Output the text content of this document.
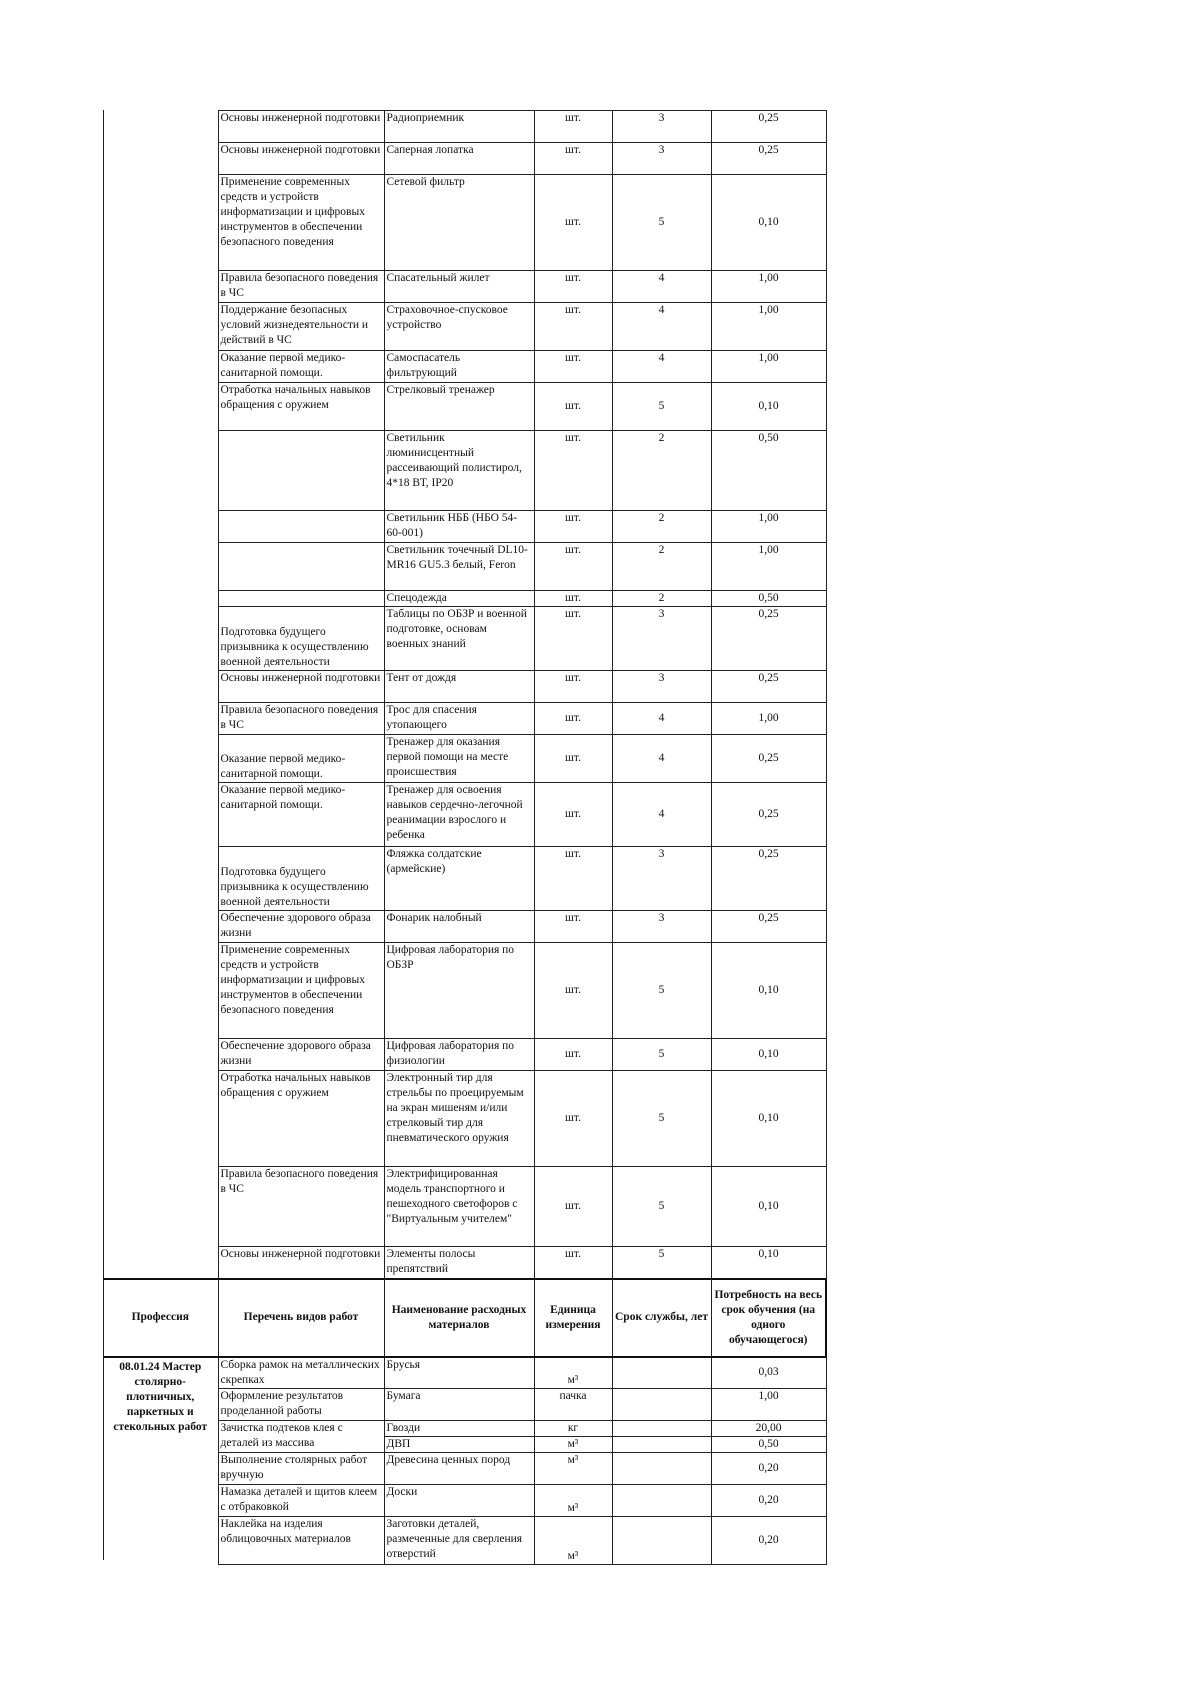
	Основы инженерной подготовки	Радиоприемник	шт.	3	0,25
	Основы инженерной подготовки	Саперная лопатка	шт.	3	0,25
	Применение современных средств и устройств информатизации и цифровых инструментов в обеспечении безопасного поведения	Сетевой фильтр	шт.	5	0,10
	Правила безопасного поведения в ЧС	Спасательный жилет	шт.	4	1,00
	Поддержание безопасных условий жизнедеятельности и действий в ЧС	Страховочное-спусковое устройство	шт.	4	1,00
	Оказание первой медико-санитарной помощи.	Самоспасатель фильтрующий	шт.	4	1,00
	Отработка начальных навыков обращения с оружием	Стрелковый тренажер	шт.	5	0,10
		Светильник люминисцентный рассеивающий полистирол, 4*18 ВТ, IP20	шт.	2	0,50
		Светильник НББ (НБО 54-60-001)	шт.	2	1,00
		Светильник точечный DL10-MR16 GU5.3 белый, Feron	шт.	2	1,00
		Спецодежда	шт.	2	0,50
	Подготовка будущего призывника к осуществлению военной деятельности	Таблицы по ОБЗР и военной подготовке, основам военных знаний	шт.	3	0,25
	Основы инженерной подготовки	Тент от дождя	шт.	3	0,25
	Правила безопасного поведения в ЧС	Трос для спасения утопающего	шт.	4	1,00
	Оказание первой медико-санитарной помощи.	Тренажер для оказания первой помощи на месте происшествия	шт.	4	0,25
	Оказание первой медико-санитарной помощи.	Тренажер для освоения навыков сердечно-легочной реанимации взрослого и ребенка	шт.	4	0,25
	Подготовка будущего призывника к осуществлению военной деятельности	Фляжка солдатские (армейские)	шт.	3	0,25
	Обеспечение здорового образа жизни	Фонарик налобный	шт.	3	0,25
	Применение современных средств и устройств информатизации и цифровых инструментов в обеспечении безопасного поведения	Цифровая лаборатория по ОБЗР	шт.	5	0,10
	Обеспечение здорового образа жизни	Цифровая лаборатория по физиологии	шт.	5	0,10
	Отработка начальных навыков обращения с оружием	Электронный тир для стрельбы по проецируемым на экран мишеням и/или стрелковый тир для пневматического оружия	шт.	5	0,10
	Правила безопасного поведения в ЧС	Электрифицированная модель транспортного и пешеходного светофоров с "Виртуальным учителем"	шт.	5	0,10
	Основы инженерной подготовки	Элементы полосы препятствий	шт.	5	0,10
Профессия	Перечень видов работ	Наименование расходных материалов	Единица измерения	Срок службы, лет	Потребность на весь срок обучения (на одного обучающегося)
08.01.24 Мастер столярно-плотничных, паркетных и стекольных работ	Сборка рамок на металлических скрепках	Брусья	м³		0,03
	Оформление результатов проделанной работы	Бумага	пачка		1,00
	Зачистка подтеков клея с деталей из массива	Гвозди	кг		20,00
		ДВП	м³		0,50
	Выполнение столярных работ вручную	Древесина ценных пород	м³		0,20
	Намазка деталей и щитов клеем с отбраковкой	Доски	м³		0,20
	Наклейка на изделия облицовочных материалов	Заготовки деталей, размеченные для сверления отверстий	м³		0,20
